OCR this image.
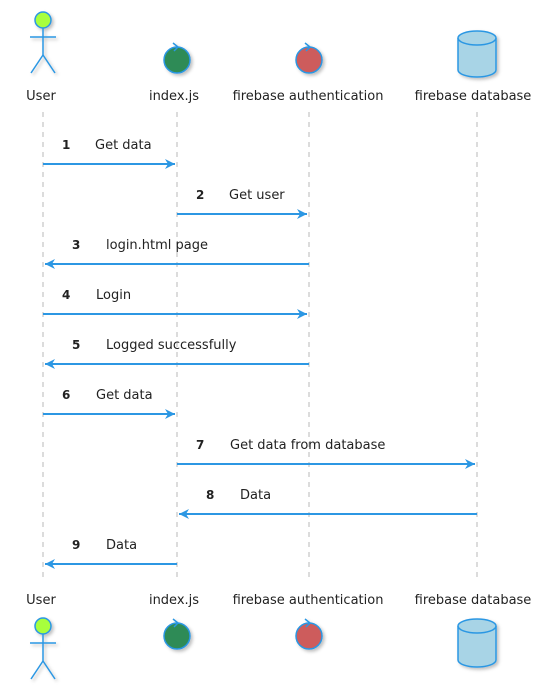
User	index.js	firebase authentication firebase database
User	index.js	firebase authentication firebase database
1 Get data
2 Get user
3 login.html page
4 Login
5 Logged successfully
6 Get data
7 Get data from database
8 Data
9 Data
